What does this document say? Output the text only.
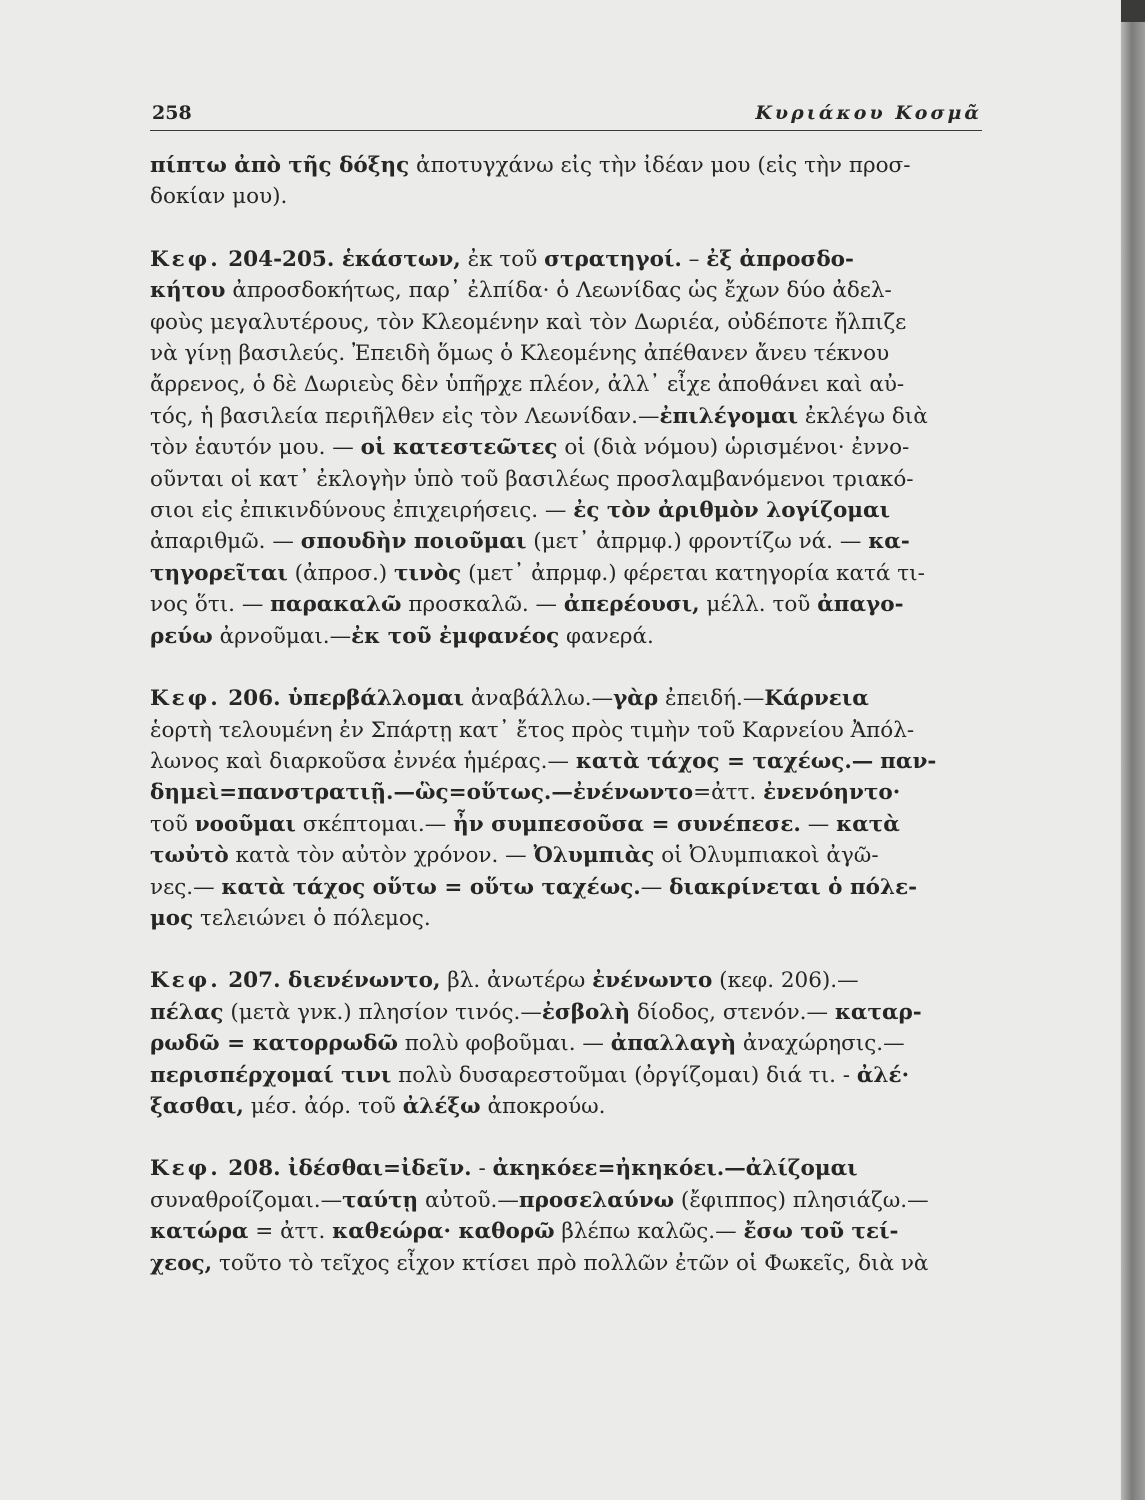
258	Κυριάκου Κοσμᾶ
πίπτω ἀπὸ τῆς δόξης ἀποτυγχάνω εἰς τὴν ἰδέαν μου (εἰς τὴν προσ-
δοκίαν μου).
Κεφ. 204-205. ἑκάστων, ἐκ τοῦ στρατηγοί. – ἐξ ἀπροσδο-
κήτου ἀπροσδοκήτως, παρ᾽ ἐλπίδα· ὁ Λεωνίδας ὡς ἔχων δύο ἀδελ-
φοὺς μεγαλυτέρους, τὸν Κλεομένην καὶ τὸν Δωριέα, οὐδέποτε ἤλπιζε
νὰ γίνῃ βασιλεύς. Ἐπειδὴ ὅμως ὁ Κλεομένης ἀπέθανεν ἄνευ τέκνου
ἄρρενος, ὁ δὲ Δωριεὺς δὲν ὑπῆρχε πλέον, ἀλλ᾽ εἶχε ἀποθάνει καὶ αὐ-
τός, ἡ βασιλεία περιῆλθεν εἰς τὸν Λεωνίδαν.—ἐπιλέγομαι ἐκλέγω διὰ
τὸν ἑαυτόν μου. — οἱ κατεστεῶτες οἱ (διὰ νόμου) ὡρισμένοι· ἐννο-
οῦνται οἱ κατ᾽ ἐκλογὴν ὑπὸ τοῦ βασιλέως προσλαμβανόμενοι τριακό-
σιοι εἰς ἐπικινδύνους ἐπιχειρήσεις. — ἐς τὸν ἀριθμὸν λογίζομαι
ἀπαριθμῶ. — σπουδὴν ποιοῦμαι (μετ᾽ ἀπρμφ.) φροντίζω νά. — κα-
τηγορεῖται (ἀπροσ.) τινὸς (μετ᾽ ἀπρμφ.) φέρεται κατηγορία κατά τι-
νος ὅτι. — παρακαλῶ προσκαλῶ. — ἀπερέουσι, μέλλ. τοῦ ἀπαγο-
ρεύω ἀρνοῦμαι.—ἐκ τοῦ ἐμφανέος φανερά.
Κεφ. 206. ὑπερβάλλομαι ἀναβάλλω.—γὰρ ἐπειδή.—Κάρνεια
ἑορτὴ τελουμένη ἐν Σπάρτῃ κατ᾽ ἔτος πρὸς τιμὴν τοῦ Καρνείου Ἀπόλ-
λωνος καὶ διαρκοῦσα ἐννέα ἡμέρας.— κατὰ τάχος = ταχέως.— παν-
δημεὶ=πανστρατιῇ.—ὣς=οὕτως.—ἐνένωντο=ἀττ. ἐνενόηντο·
τοῦ νοοῦμαι σκέπτομαι.— ἦν συμπεσοῦσα = συνέπεσε. — κατὰ
τωὐτὸ κατὰ τὸν αὐτὸν χρόνον. — Ὀλυμπιὰς οἱ Ὀλυμπιακοὶ ἀγῶ-
νες.— κατὰ τάχος οὕτω = οὕτω ταχέως.— διακρίνεται ὁ πόλε-
μος τελειώνει ὁ πόλεμος.
Κεφ. 207. διενένωντο, βλ. ἀνωτέρω ἐνένωντο (κεφ. 206).—
πέλας (μετὰ γνκ.) πλησίον τινός.—ἐσβολὴ δίοδος, στενόν.— καταρ-
ρωδῶ = κατορρωδῶ πολὺ φοβοῦμαι. — ἀπαλλαγὴ ἀναχώρησις.—
περισπέρχομαί τινι πολὺ δυσαρεστοῦμαι (ὀργίζομαι) διά τι. - ἀλέ·
ξασθαι, μέσ. ἀόρ. τοῦ ἀλέξω ἀποκρούω.
Κεφ. 208. ἰδέσθαι=ἰδεῖν. - ἀκηκόεε=ἠκηκόει.—ἀλίζομαι
συναθροίζομαι.—ταύτῃ αὐτοῦ.—προσελαύνω (ἔφιππος) πλησιάζω.—
κατώρα = ἀττ. καθεώρα· καθορῶ βλέπω καλῶς.— ἔσω τοῦ τεί-
χεος, τοῦτο τὸ τεῖχος εἶχον κτίσει πρὸ πολλῶν ἐτῶν οἱ Φωκεῖς, διὰ νὰ
